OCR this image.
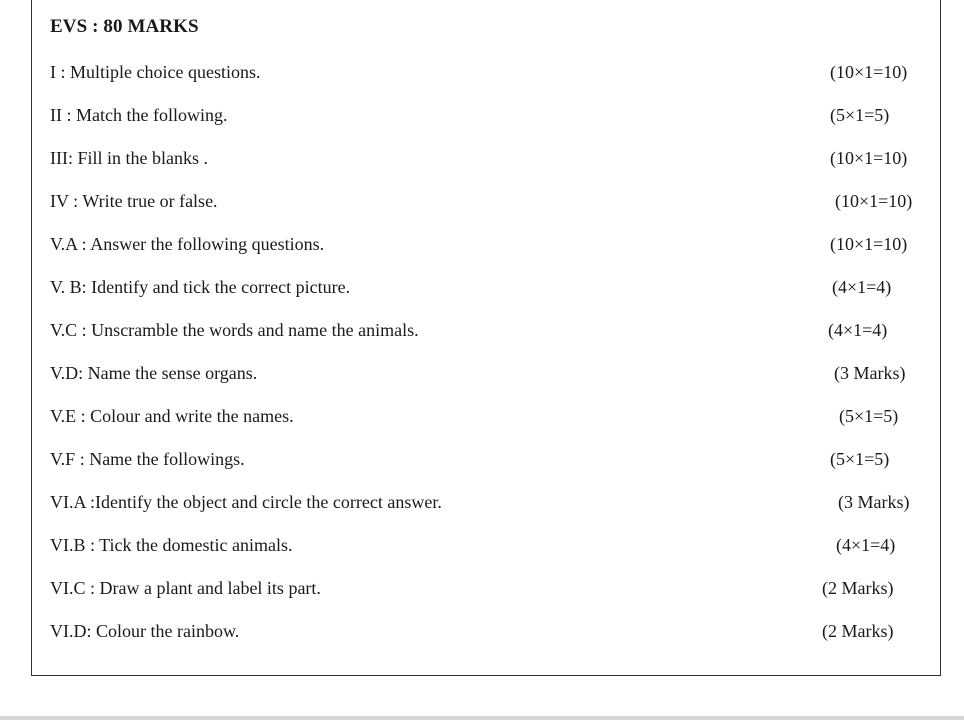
EVS : 80 MARKS
I : Multiple choice questions.	(10×1=10)
II : Match the following.	(5×1=5)
III: Fill in the blanks .	(10×1=10)
IV : Write true or false.	(10×1=10)
V.A : Answer the following questions.	(10×1=10)
V. B: Identify and tick the correct picture.	(4×1=4)
V.C : Unscramble the words and name the animals.	(4×1=4)
V.D: Name the sense organs.	(3 Marks)
V.E : Colour and write the names.	(5×1=5)
V.F : Name the followings.	(5×1=5)
VI.A :Identify the object and circle the correct answer.	(3 Marks)
VI.B : Tick the domestic animals.	(4×1=4)
VI.C : Draw a plant and label its part.	(2 Marks)
VI.D: Colour the rainbow.	(2 Marks)
